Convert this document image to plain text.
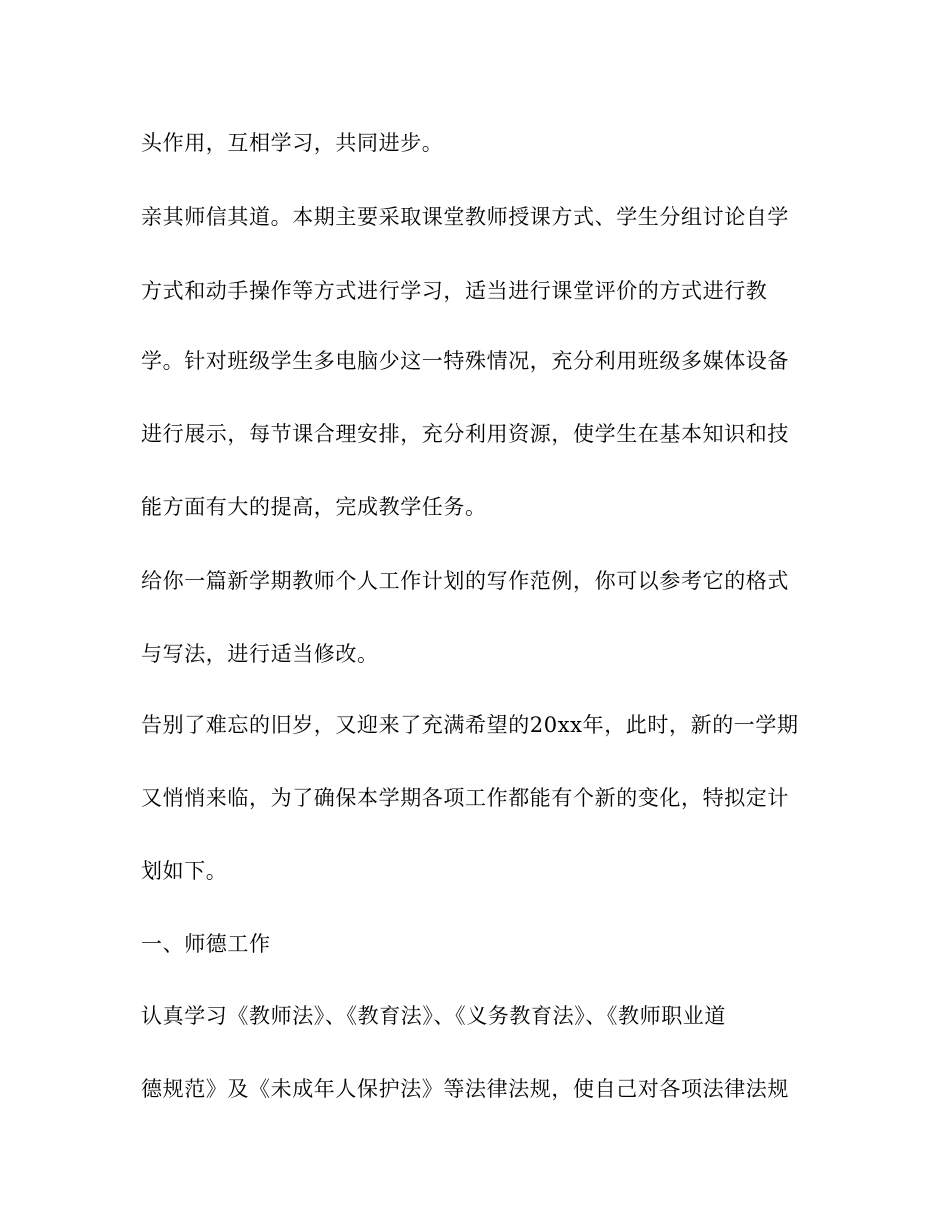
头作用，互相学习，共同进步。

亲其师信其道。本期主要采取课堂教师授课方式、学生分组讨论自学

方式和动手操作等方式进行学习，适当进行课堂评价的方式进行教

学。针对班级学生多电脑少这一特殊情况，充分利用班级多媒体设备

进行展示，每节课合理安排，充分利用资源，使学生在基本知识和技

能方面有大的提高，完成教学任务。

给你一篇新学期教师个人工作计划的写作范例，你可以参考它的格式

与写法，进行适当修改。

告别了难忘的旧岁，又迎来了充满希望的20xx年，此时，新的一学期

又悄悄来临，为了确保本学期各项工作都能有个新的变化，特拟定计

划如下。

一、师德工作

认真学习《教师法》、《教育法》、《义务教育法》、《教师职业道

德规范》及《未成年人保护法》等法律法规，使自己对各项法律法规
